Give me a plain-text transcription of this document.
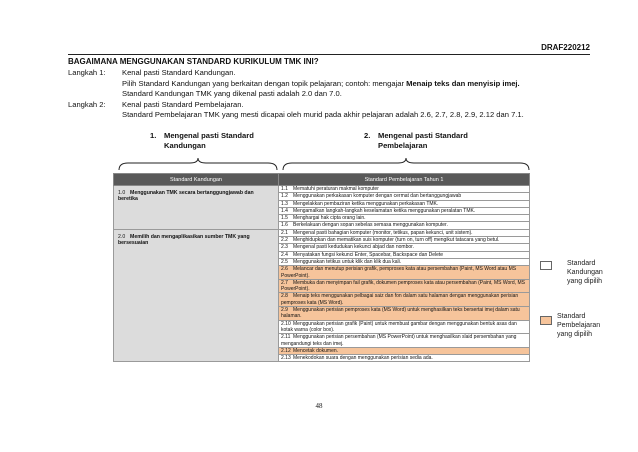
DRAF220212
BAGAIMANA MENGGUNAKAN STANDARD KURIKULUM TMK INI?
Langkah 1:	Kenal pasti Standard Kandungan.
Pilih Standard Kandungan yang berkaitan dengan topik pelajaran; contoh: mengajar Menaip teks dan menyisip imej.
Standard Kandungan TMK yang dikenal pasti adalah 2.0 dan 7.0.
Langkah 2:	Kenal pasti Standard Pembelajaran.
Standard Pembelajaran TMK yang mesti dicapai oleh murid pada akhir pelajaran adalah 2.6, 2.7, 2.8, 2.9, 2.12 dan 7.1.
1. Mengenal pasti Standard
Kandungan
2. Mengenal pasti Standard
Pembelajaran
Standard Kandungan	Standard Pembelajaran Tahun 1
1.0 Menggunakan TMK secara bertanggungjawab dan beretika	1.1 Mematuhi peraturan makmal komputer
	1.2 Menggunakan perkakasan komputer dengan cermat dan bertanggungjawab
	1.3 Mengelakkan pembaziran ketika menggunakan perkakasan TMK.
	1.4 Mengamalkan langkah-langkah keselamatan ketika menggunakan peralatan TMK.
	1.5 Menghargai hak cipta orang lain.
	1.6 Berkelakuan dengan sopan sebelas semasa menggunakan komputer.
2.0 Memilih dan mengaplikasikan sumber TMK yang bersesuaian	2.1 Mengenal pasti bahagian komputer (monitor, tetikus, papan kekunci, unit sistem).
	2.2 Menghidupkan dan mematikan suis komputer (turn on, turn off) mengikut tatacara yang betul.
	2.3 Mengenal pasti kedudukan kekunci abjad dan nombor.
	2.4 Menyatakan fungsi kekunci Enter, Spacebar, Backspace dan Delete
	2.5 Menggunakan tetikus untuk klik dan klik dua kali.
	2.6 Melancar dan menutup perisian grafik, pemproses kata atau persembahan (Paint, MS Word atau MS PowerPoint).
	2.7 Membuka dan menyimpan fail grafik, dokumen pemproses kata atau persembahan (Paint, MS Word, MS PowerPoint).
	2.8 Menaip teks menggunakan pelbagai saiz dan fon dalam satu halaman dengan menggunakan perisian pemproses kata (MS Word).
	2.9 Menggunakan perisian pemproses kata (MS Word) untuk menghasilkan teks bersertai imej dalam satu halaman.
	2.10 Menggunakan perisian grafik (Paint) untuk membuat gambar dengan menggunakan bentuk asas dan kotak warna (color box).
	2.11 Menggunakan perisian persembahan (MS PowerPoint) untuk menghasilkan slaid persembahan yang mengandungi teks dan imej.
	2.12 Mencetak dokumen.
	2.13 Menekodokan suara dengan menggunakan perisian sedia ada.
Standard
Kandungan
yang dipilih
Standard
Pembelajaran
yang dipilih
48
